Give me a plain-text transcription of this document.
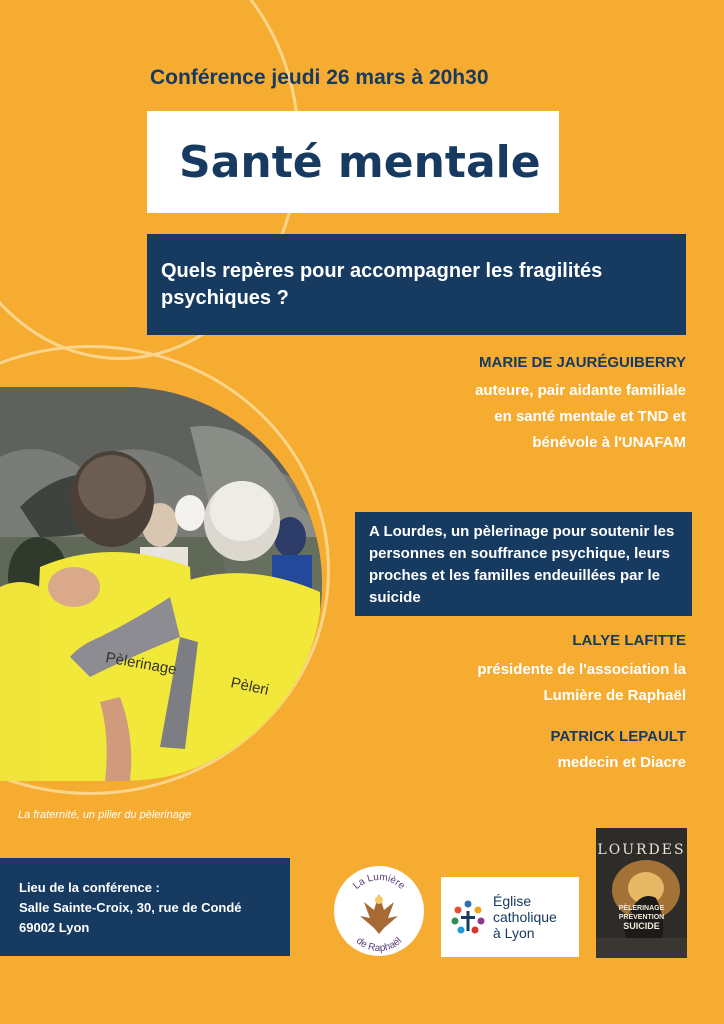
Conférence jeudi 26 mars à 20h30
Santé mentale
Quels repères pour accompagner les fragilités psychiques ?
MARIE DE JAURÉGUIBERRY
auteure, pair aidante familiale
en santé mentale et TND et
bénévole à l'UNAFAM
A Lourdes, un pèlerinage pour soutenir les personnes en souffrance psychique, leurs proches et les familles endeuillées par le suicide
LALYE LAFITTE
présidente de l'association la
Lumière de Raphaël
PATRICK LEPAULT
medecin et Diacre
Pèleri
Pèlerinage
La fraternité, un pilier du pèlerinage
Lieu de la conférence :
Salle Sainte-Croix, 30, rue de Condé
69002 Lyon
La Lumière
de Raphaël
Église
catholique
à Lyon
LOURDES
PÈLERINAGE
PRÉVENTION
SUICIDE
